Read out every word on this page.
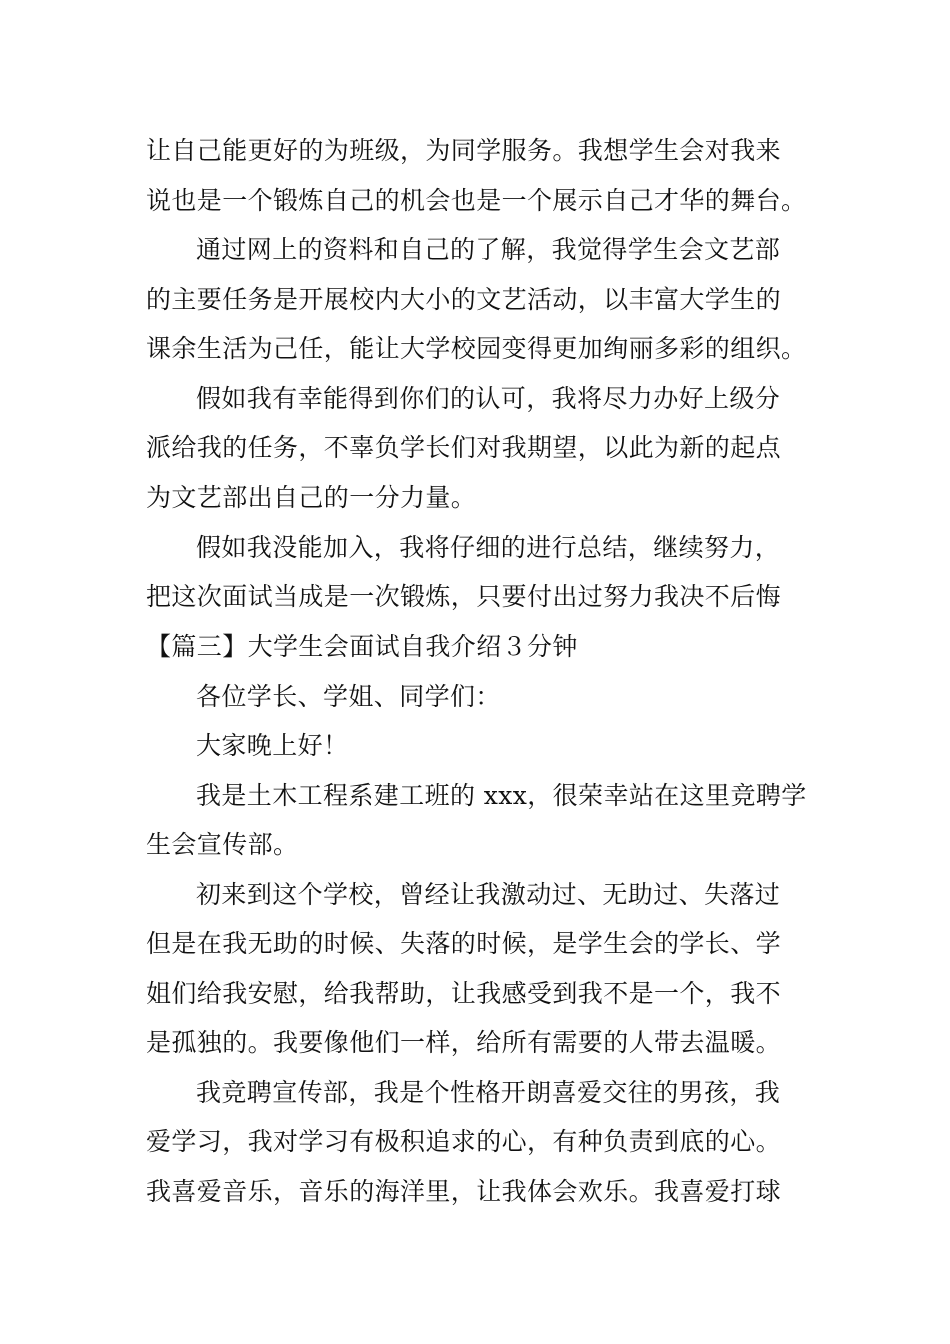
让自己能更好的为班级，为同学服务。我想学生会对我来
说也是一个锻炼自己的机会也是一个展示自己才华的舞台。
通过网上的资料和自己的了解，我觉得学生会文艺部
的主要任务是开展校内大小的文艺活动，以丰富大学生的
课余生活为己任，能让大学校园变得更加绚丽多彩的组织。
假如我有幸能得到你们的认可，我将尽力办好上级分
派给我的任务，不辜负学长们对我期望，以此为新的起点
为文艺部出自己的一分力量。
假如我没能加入，我将仔细的进行总结，继续努力，
把这次面试当成是一次锻炼，只要付出过努力我决不后悔
【篇三】大学生会面试自我介绍３分钟
各位学长、学姐、同学们：
大家晚上好！
我是土木工程系建工班的 xxx，很荣幸站在这里竞聘学
生会宣传部。
初来到这个学校，曾经让我激动过、无助过、失落过
但是在我无助的时候、失落的时候，是学生会的学长、学
姐们给我安慰，给我帮助，让我感受到我不是一个，我不
是孤独的。我要像他们一样，给所有需要的人带去温暖。
我竞聘宣传部，我是个性格开朗喜爱交往的男孩，我
爱学习，我对学习有极积追求的心，有种负责到底的心。
我喜爱音乐，音乐的海洋里，让我体会欢乐。我喜爱打球
